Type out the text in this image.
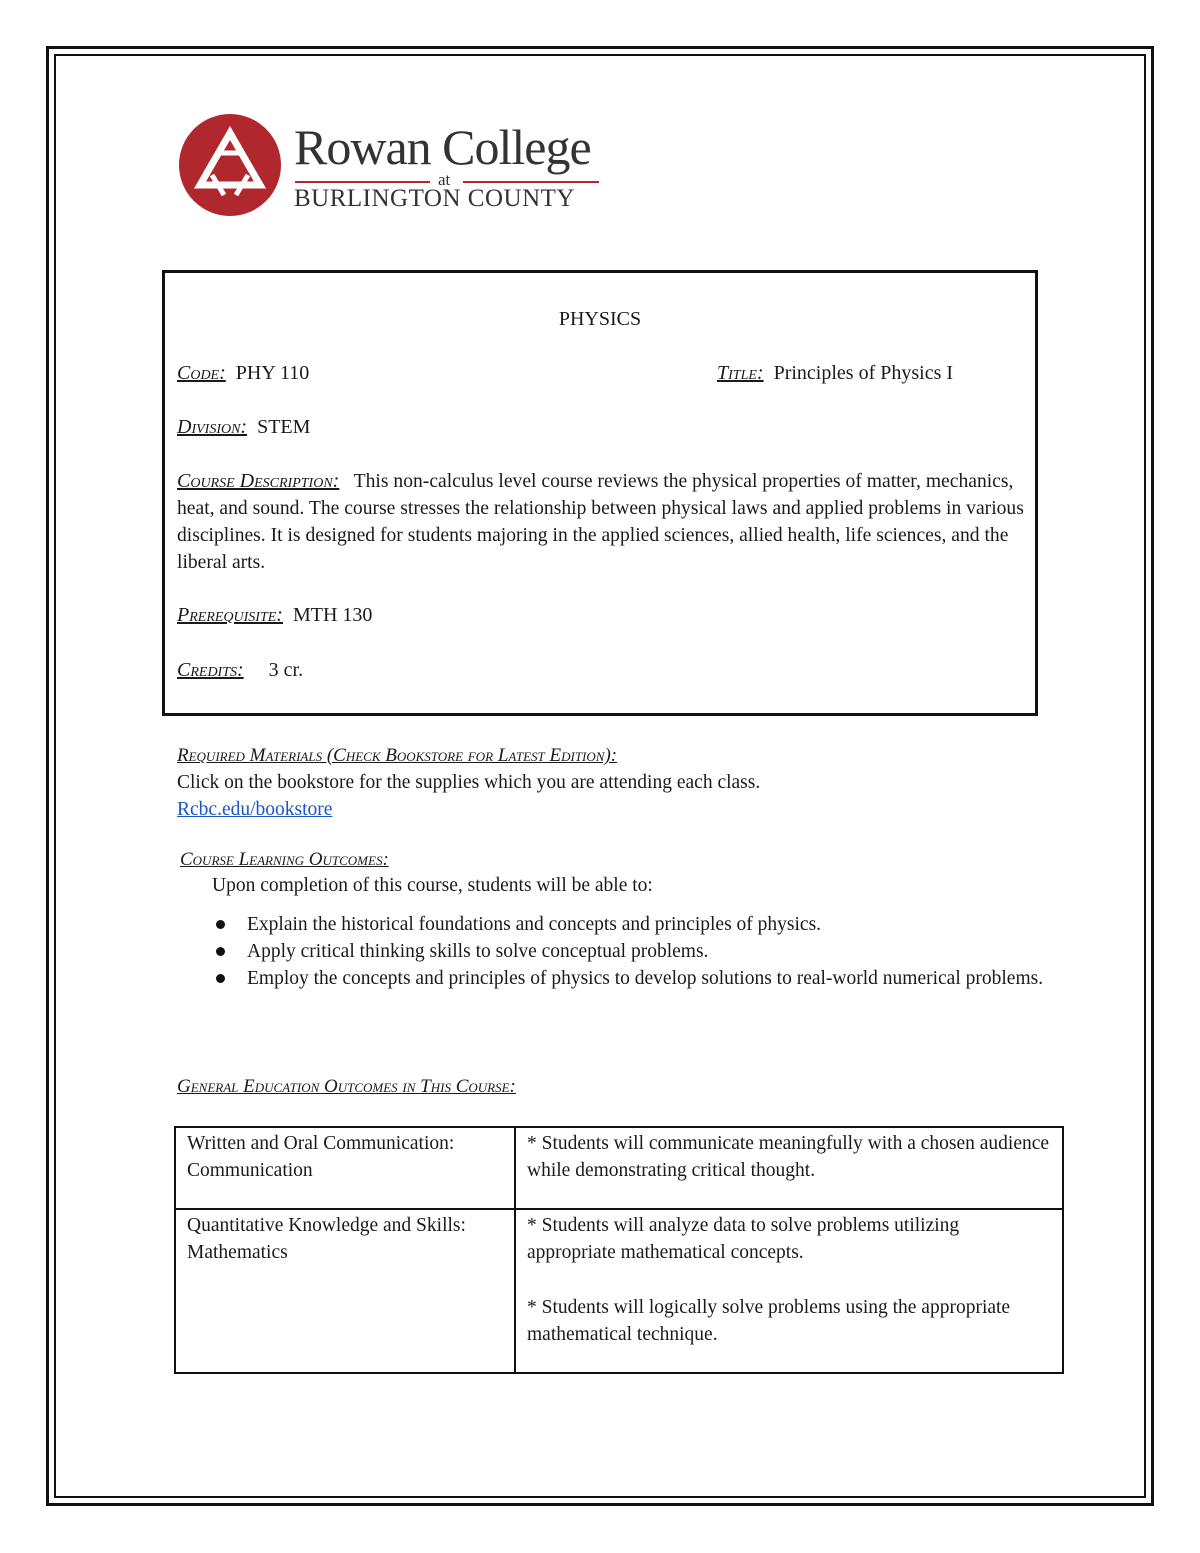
Rowan College
at
BURLINGTON COUNTY
PHYSICS
Code: PHY 110	Title: Principles of Physics I
Division: STEM
Course Description: This non-calculus level course reviews the physical properties of matter, mechanics, heat, and sound. The course stresses the relationship between physical laws and applied problems in various disciplines. It is designed for students majoring in the applied sciences, allied health, life sciences, and the liberal arts.
Prerequisite: MTH 130
Credits: 3 cr.
Required Materials (Check Bookstore for Latest Edition):
Click on the bookstore for the supplies which you are attending each class.
Rcbc.edu/bookstore
Course Learning Outcomes:
Upon completion of this course, students will be able to:
Explain the historical foundations and concepts and principles of physics.
Apply critical thinking skills to solve conceptual problems.
Employ the concepts and principles of physics to develop solutions to real-world numerical problems.
General Education Outcomes in This Course:
Written and Oral Communication: Communication	* Students will communicate meaningfully with a chosen audience while demonstrating critical thought.

Quantitative Knowledge and Skills: Mathematics	* Students will analyze data to solve problems utilizing appropriate mathematical concepts.
* Students will logically solve problems using the appropriate mathematical technique.
